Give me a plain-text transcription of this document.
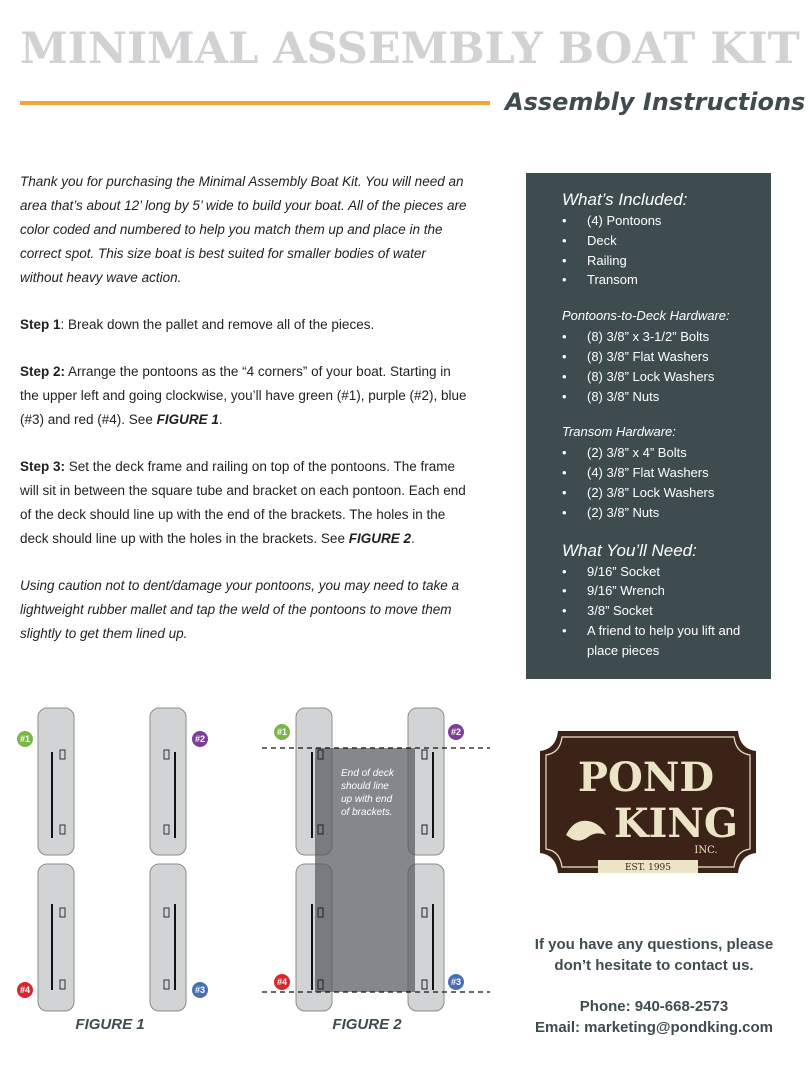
MINIMAL ASSEMBLY BOAT KIT
Assembly Instructions

Thank you for purchasing the Minimal Assembly Boat Kit. You will need an area that’s about 12’ long by 5’ wide to build your boat. All of the pieces are color coded and numbered to help you match them up and place in the correct spot. This size boat is best suited for smaller bodies of water without heavy wave action.

Step 1: Break down the pallet and remove all of the pieces.

Step 2: Arrange the pontoons as the “4 corners” of your boat. Starting in the upper left and going clockwise, you’ll have green (#1), purple (#2), blue (#3) and red (#4). See FIGURE 1.

Step 3: Set the deck frame and railing on top of the pontoons. The frame will sit in between the square tube and bracket on each pontoon. Each end of the deck should line up with the end of the brackets. The holes in the deck should line up with the holes in the brackets. See FIGURE 2.

Using caution not to dent/damage your pontoons, you may need to take a lightweight rubber mallet and tap the weld of the pontoons to move them slightly to get them lined up.

What’s Included:
• (4) Pontoons
• Deck
• Railing
• Transom
Pontoons-to-Deck Hardware:
• (8) 3/8” x 3-1/2” Bolts
• (8) 3/8” Flat Washers
• (8) 3/8” Lock Washers
• (8) 3/8” Nuts
Transom Hardware:
• (2) 3/8” x 4” Bolts
• (4) 3/8” Flat Washers
• (2) 3/8” Lock Washers
• (2) 3/8” Nuts
What You’ll Need:
• 9/16” Socket
• 9/16” Wrench
• 3/8” Socket
• A friend to help you lift and place pieces
#1	#2
#3
#4
FIGURE 1
End of deck
should line
up with end
of brackets.
#1	#2
#3
#4
FIGURE 2
POND
KING
INC.
EST. 1995
If you have any questions, please
don’t hesitate to contact us.
Phone: 940-668-2573
Email: marketing@pondking.com
